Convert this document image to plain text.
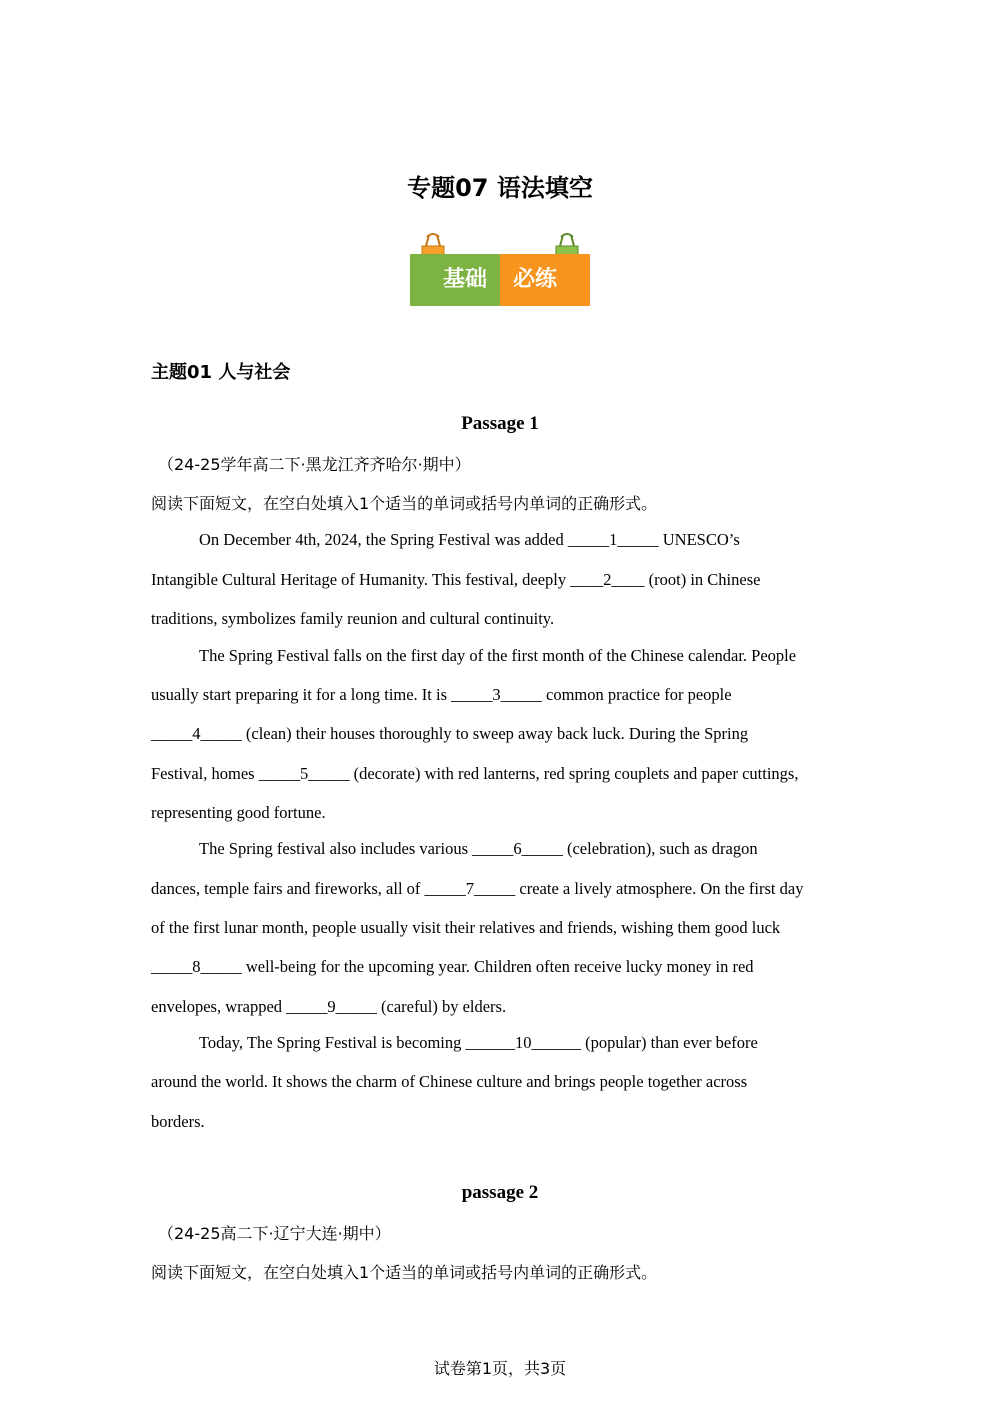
专题07 语法填空
基础	必练
主题01 人与社会
Passage 1
（24-25学年高二下·黑龙江齐齐哈尔·期中）
阅读下面短文，在空白处填入1个适当的单词或括号内单词的正确形式。
On December 4th, 2024, the Spring Festival was added _____1_____ UNESCO’s
Intangible Cultural Heritage of Humanity. This festival, deeply ____2____ (root) in Chinese
traditions, symbolizes family reunion and cultural continuity.
The Spring Festival falls on the first day of the first month of the Chinese calendar. People
usually start preparing it for a long time. It is _____3_____ common practice for people
_____4_____ (clean) their houses thoroughly to sweep away back luck. During the Spring
Festival, homes _____5_____ (decorate) with red lanterns, red spring couplets and paper cuttings,
representing good fortune.
The Spring festival also includes various _____6_____ (celebration), such as dragon
dances, temple fairs and fireworks, all of _____7_____ create a lively atmosphere. On the first day
of the first lunar month, people usually visit their relatives and friends, wishing them good luck
_____8_____ well-being for the upcoming year. Children often receive lucky money in red
envelopes, wrapped _____9_____ (careful) by elders.
Today, The Spring Festival is becoming ______10______ (popular) than ever before
around the world. It shows the charm of Chinese culture and brings people together across
borders.
passage 2
（24-25高二下·辽宁大连·期中）
阅读下面短文，在空白处填入1个适当的单词或括号内单词的正确形式。
试卷第1页，共3页
